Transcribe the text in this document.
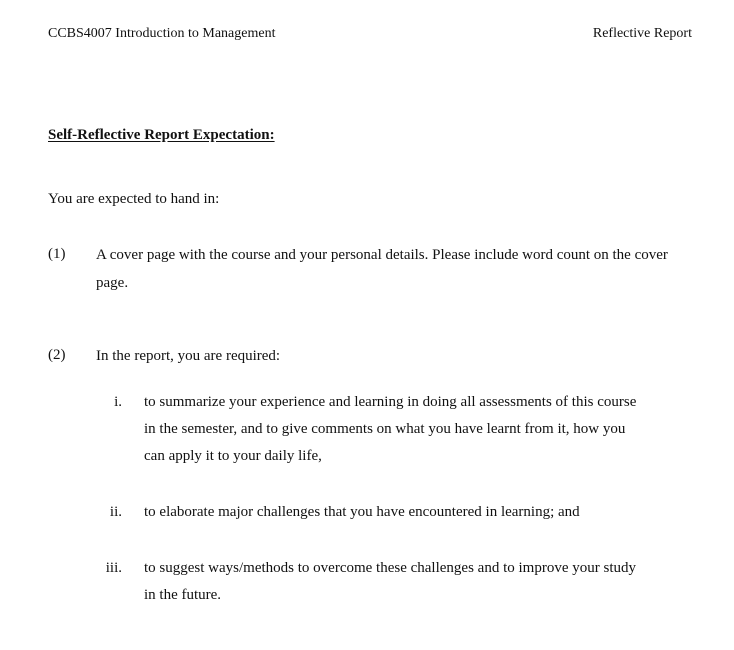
CCBS4007 Introduction to Management	Reflective Report
Self-Reflective Report Expectation:
You are expected to hand in:
(1) A cover page with the course and your personal details. Please include word count on the cover page.
(2) In the report, you are required:
i. to summarize your experience and learning in doing all assessments of this course in the semester, and to give comments on what you have learnt from it, how you can apply it to your daily life,
ii. to elaborate major challenges that you have encountered in learning; and
iii. to suggest ways/methods to overcome these challenges and to improve your study in the future.
